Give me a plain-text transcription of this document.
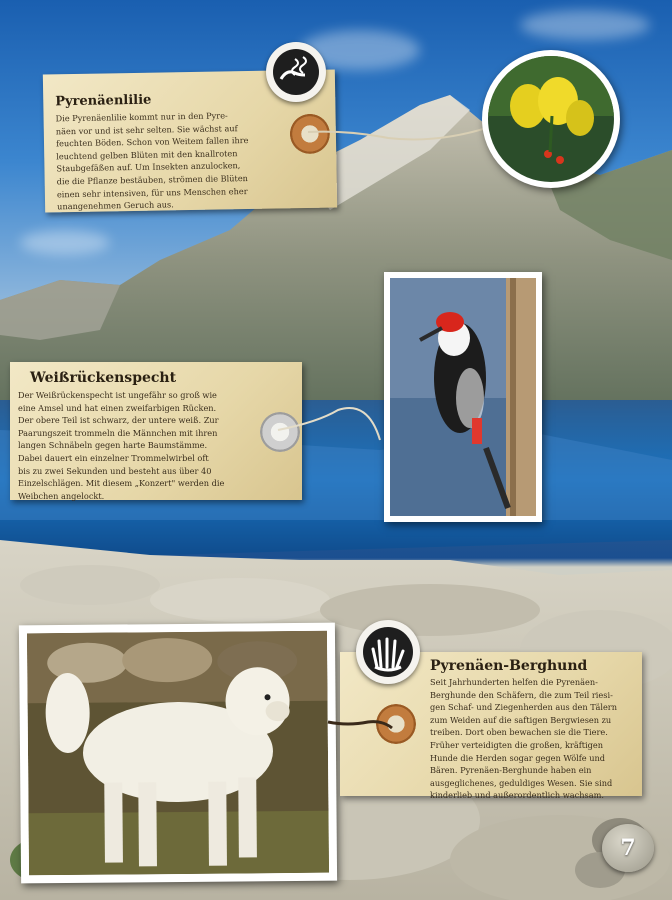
Pyrenäenlilie

Die Pyrenäenlilie kommt nur in den Pyre-

näen vor und ist sehr selten. Sie wächst auf

feuchten Böden. Schon von Weitem fallen ihre

leuchtend gelben Blüten mit den knallroten

Staubgefäßen auf. Um Insekten anzulocken,

die die Pflanze bestäuben, strömen die Blüten

einen sehr intensiven, für uns Menschen eher

unangenehmen Geruch aus.

Weißrückenspecht

Der Weißrückenspecht ist ungefähr so groß wie

eine Amsel und hat einen zweifarbigen Rücken.

Der obere Teil ist schwarz, der untere weiß. Zur

Paarungszeit trommeln die Männchen mit ihren

langen Schnäbeln gegen harte Baumstämme.

Dabei dauert ein einzelner Trommelwirbel oft

bis zu zwei Sekunden und besteht aus über 40

Einzelschlägen. Mit diesem „Konzert" werden die

Weibchen angelockt.

Pyrenäen-Berghund

Seit Jahrhunderten helfen die Pyrenäen-

Berghunde den Schäfern, die zum Teil riesi-

gen Schaf- und Ziegenherden aus den Tälern

zum Weiden auf die saftigen Bergwiesen zu

treiben. Dort oben bewachen sie die Tiere.

Früher verteidigten die großen, kräftigen

Hunde die Herden sogar gegen Wölfe und

Bären. Pyrenäen-Berghunde haben ein

ausgeglichenes, geduldiges Wesen. Sie sind

kinderlieb und außerordentlich wachsam.

7
